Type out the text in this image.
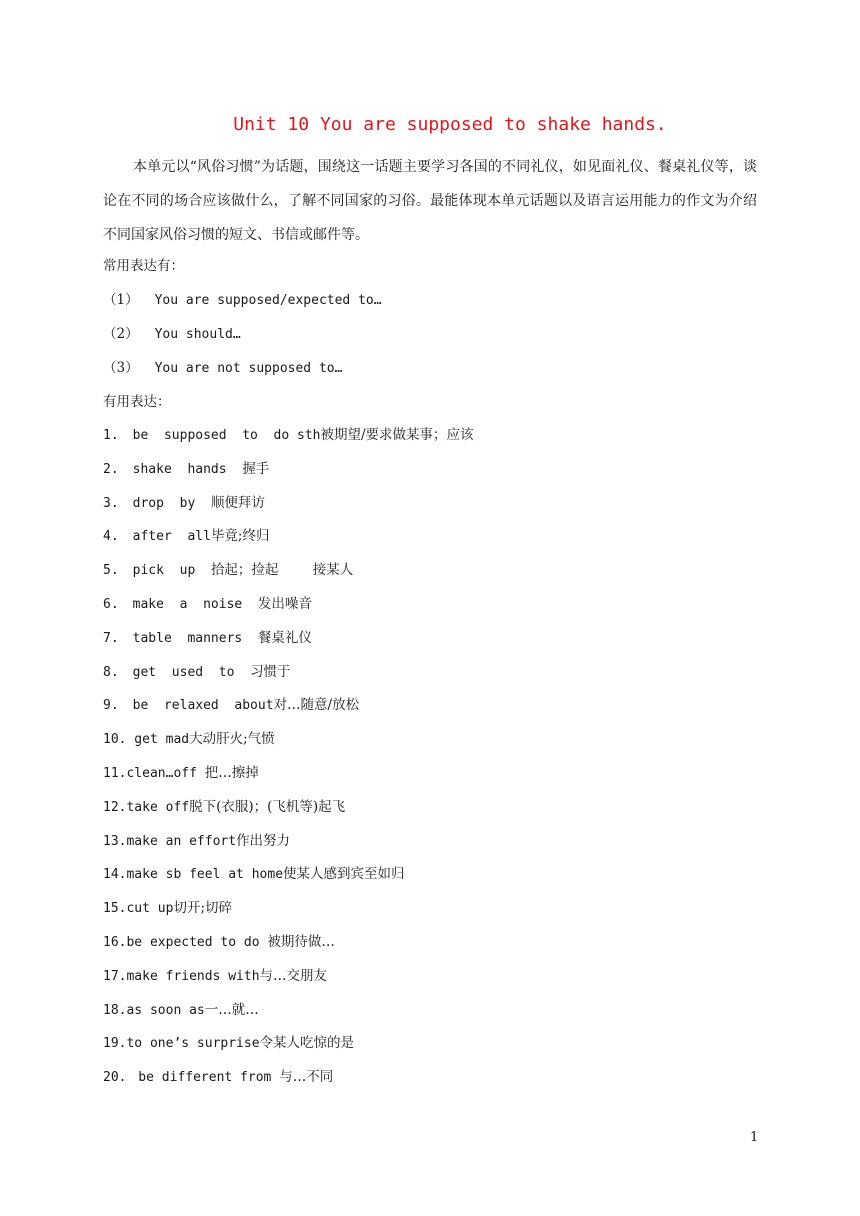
Unit 10 You are supposed to shake hands.
本单元以“风俗习惯”为话题，围绕这一话题主要学习各国的不同礼仪，如见面礼仪、餐桌礼仪等，谈论在不同的场合应该做什么，了解不同国家的习俗。最能体现本单元话题以及语言运用能力的作文为介绍不同国家风俗习惯的短文、书信或邮件等。
常用表达有：
（1） You are supposed/expected to…
（2） You should…
（3） You are not supposed to…
有用表达：
1. be  supposed  to  do sth被期望/要求做某事；应该
2. shake  hands  握手
3. drop  by  顺便拜访
4. after  all毕竟;终归
5. pick  up  拾起；捡起        接某人
6. make  a  noise  发出噪音
7. table  manners  餐桌礼仪
8. get  used  to  习惯于
9. be  relaxed  about对…随意/放松
10. get mad大动肝火;气愤
11.clean…off 把…擦掉
12.take off脱下(衣服)；(飞机等)起飞
13.make an effort作出努力
14.make sb feel at home使某人感到宾至如归
15.cut up切开;切碎
16.be expected to do 被期待做…
17.make friends with与…交朋友
18.as soon as一…就…
19.to one’s surprise令某人吃惊的是
20. be different from 与…不同
1
